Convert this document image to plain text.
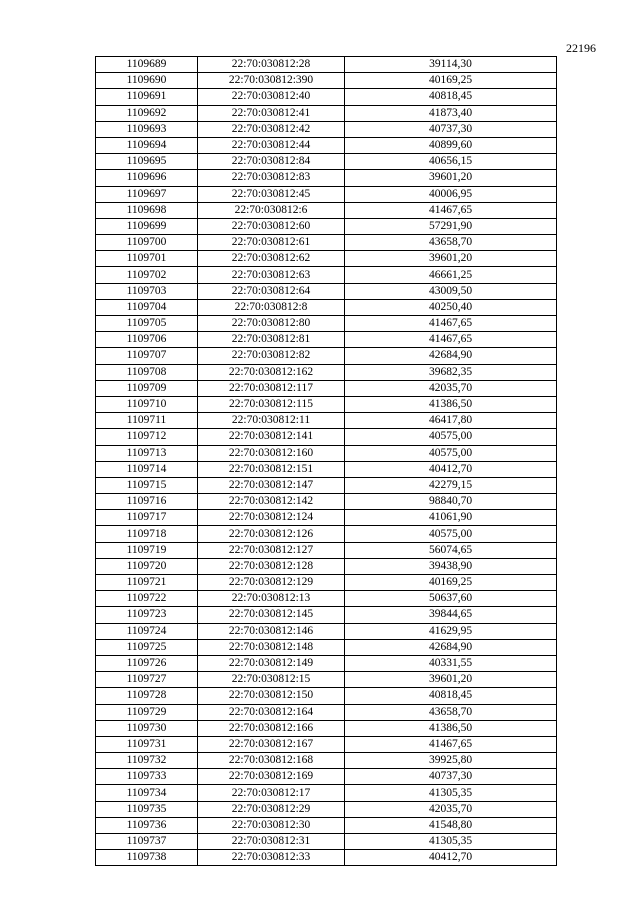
22196
1109689	22:70:030812:28	39114,30
1109690	22:70:030812:390	40169,25
1109691	22:70:030812:40	40818,45
1109692	22:70:030812:41	41873,40
1109693	22:70:030812:42	40737,30
1109694	22:70:030812:44	40899,60
1109695	22:70:030812:84	40656,15
1109696	22:70:030812:83	39601,20
1109697	22:70:030812:45	40006,95
1109698	22:70:030812:6	41467,65
1109699	22:70:030812:60	57291,90
1109700	22:70:030812:61	43658,70
1109701	22:70:030812:62	39601,20
1109702	22:70:030812:63	46661,25
1109703	22:70:030812:64	43009,50
1109704	22:70:030812:8	40250,40
1109705	22:70:030812:80	41467,65
1109706	22:70:030812:81	41467,65
1109707	22:70:030812:82	42684,90
1109708	22:70:030812:162	39682,35
1109709	22:70:030812:117	42035,70
1109710	22:70:030812:115	41386,50
1109711	22:70:030812:11	46417,80
1109712	22:70:030812:141	40575,00
1109713	22:70:030812:160	40575,00
1109714	22:70:030812:151	40412,70
1109715	22:70:030812:147	42279,15
1109716	22:70:030812:142	98840,70
1109717	22:70:030812:124	41061,90
1109718	22:70:030812:126	40575,00
1109719	22:70:030812:127	56074,65
1109720	22:70:030812:128	39438,90
1109721	22:70:030812:129	40169,25
1109722	22:70:030812:13	50637,60
1109723	22:70:030812:145	39844,65
1109724	22:70:030812:146	41629,95
1109725	22:70:030812:148	42684,90
1109726	22:70:030812:149	40331,55
1109727	22:70:030812:15	39601,20
1109728	22:70:030812:150	40818,45
1109729	22:70:030812:164	43658,70
1109730	22:70:030812:166	41386,50
1109731	22:70:030812:167	41467,65
1109732	22:70:030812:168	39925,80
1109733	22:70:030812:169	40737,30
1109734	22:70:030812:17	41305,35
1109735	22:70:030812:29	42035,70
1109736	22:70:030812:30	41548,80
1109737	22:70:030812:31	41305,35
1109738	22:70:030812:33	40412,70
